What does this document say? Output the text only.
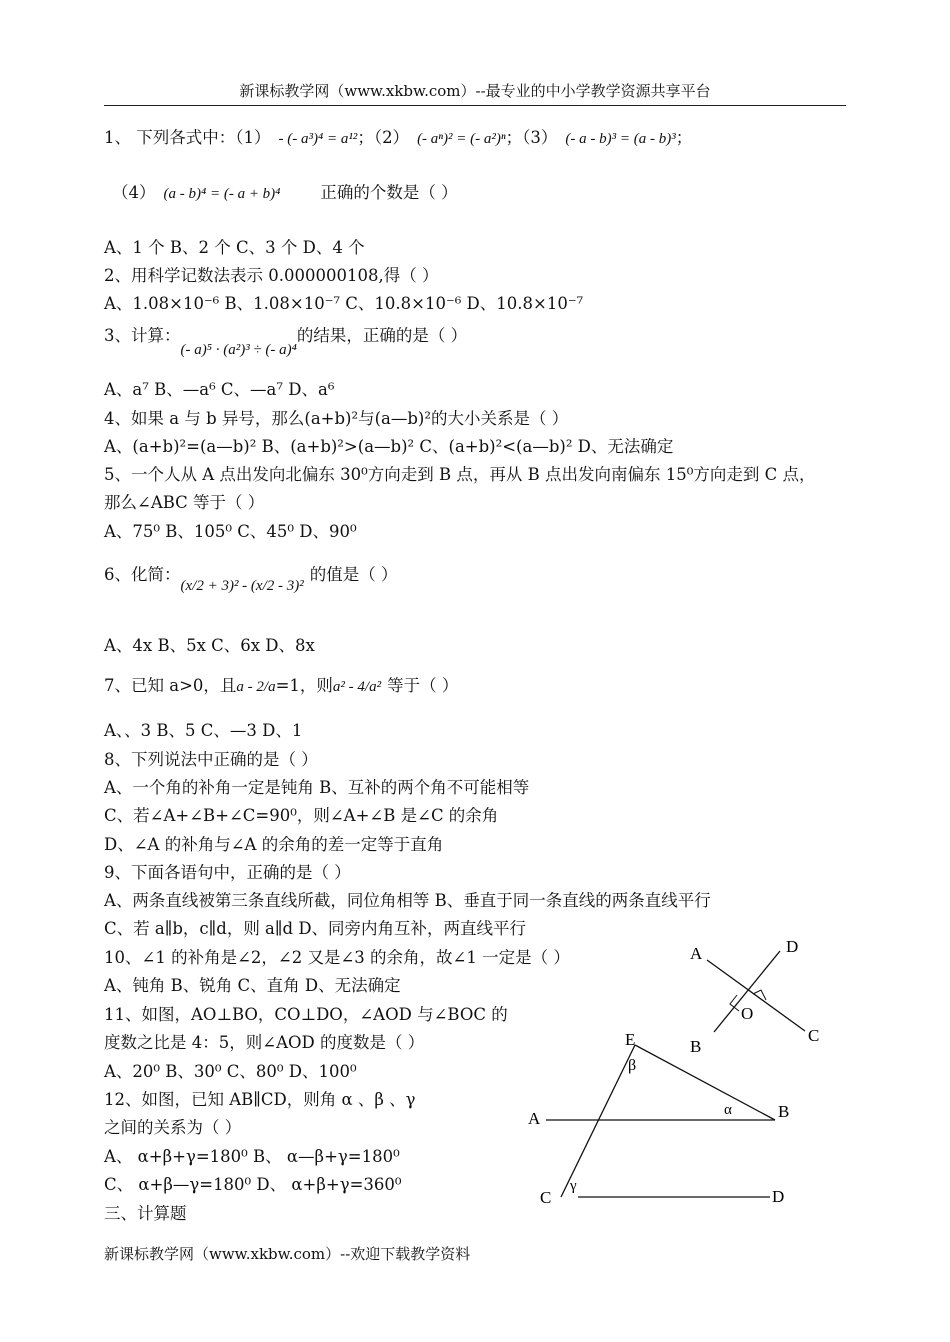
新课标教学网（www.xkbw.com）--最专业的中小学教学资源共享平台
1、 下列各式中：（1） - (- a³)⁴ = a¹²；（2） (- aⁿ)² = (- a²)ⁿ；（3） (- a - b)³ = (a - b)³；
（4） (a - b)⁴ = (- a + b)⁴ 正确的个数是（ ）
A、1 个 B、2 个 C、3 个 D、4 个
2、用科学记数法表示 0.000000108,得（ ）
A、1.08×10⁻⁶ B、1.08×10⁻⁷ C、10.8×10⁻⁶ D、10.8×10⁻⁷
3、计算：(- a)⁵ · (a²)³ ÷ (- a)⁴的结果，正确的是（ ）
A、a⁷ B、—a⁶ C、—a⁷ D、a⁶
4、如果 a 与 b 异号，那么(a+b)²与(a—b)²的大小关系是（ ）
A、(a+b)²=(a—b)² B、(a+b)²>(a—b)² C、(a+b)²<(a—b)² D、无法确定
5、一个人从 A 点出发向北偏东 30⁰方向走到 B 点，再从 B 点出发向南偏东 15⁰方向走到 C 点，
那么∠ABC 等于（ ）
A、75⁰ B、105⁰ C、45⁰ D、90⁰
6、化简：(x/2 + 3)² - (x/2 - 3)²的值是（ ）
A、4x B、5x C、6x D、8x
7、已知 a>0，且a - 2/a=1，则a² - 4/a² 等于（ ）
A、、3 B、5 C、—3 D、1
8、下列说法中正确的是（ ）
A、一个角的补角一定是钝角 B、互补的两个角不可能相等
C、若∠A+∠B+∠C=90⁰，则∠A+∠B 是∠C 的余角
D、∠A 的补角与∠A 的余角的差一定等于直角
9、下面各语句中，正确的是（ ）
A、两条直线被第三条直线所截，同位角相等 B、垂直于同一条直线的两条直线平行
C、若 a∥b，c∥d，则 a∥d D、同旁内角互补，两直线平行
10、∠1 的补角是∠2，∠2 又是∠3 的余角，故∠1 一定是（ ）
A、钝角 B、锐角 C、直角 D、无法确定
11、如图，AO⊥BO，CO⊥DO，∠AOD 与∠BOC 的
度数之比是 4：5，则∠AOD 的度数是（ ）
A、20⁰ B、30⁰ C、80⁰ D、100⁰
12、如图，已知 AB∥CD，则角 α 、β 、γ
之间的关系为（ ）
A、 α+β+γ=180⁰ B、 α—β+γ=180⁰
C、 α+β—γ=180⁰ D、 α+β+γ=360⁰
三、计算题
A	D
O
C
B
E
β
A	α	B
C
γ
D
新课标教学网（www.xkbw.com）--欢迎下载教学资料
